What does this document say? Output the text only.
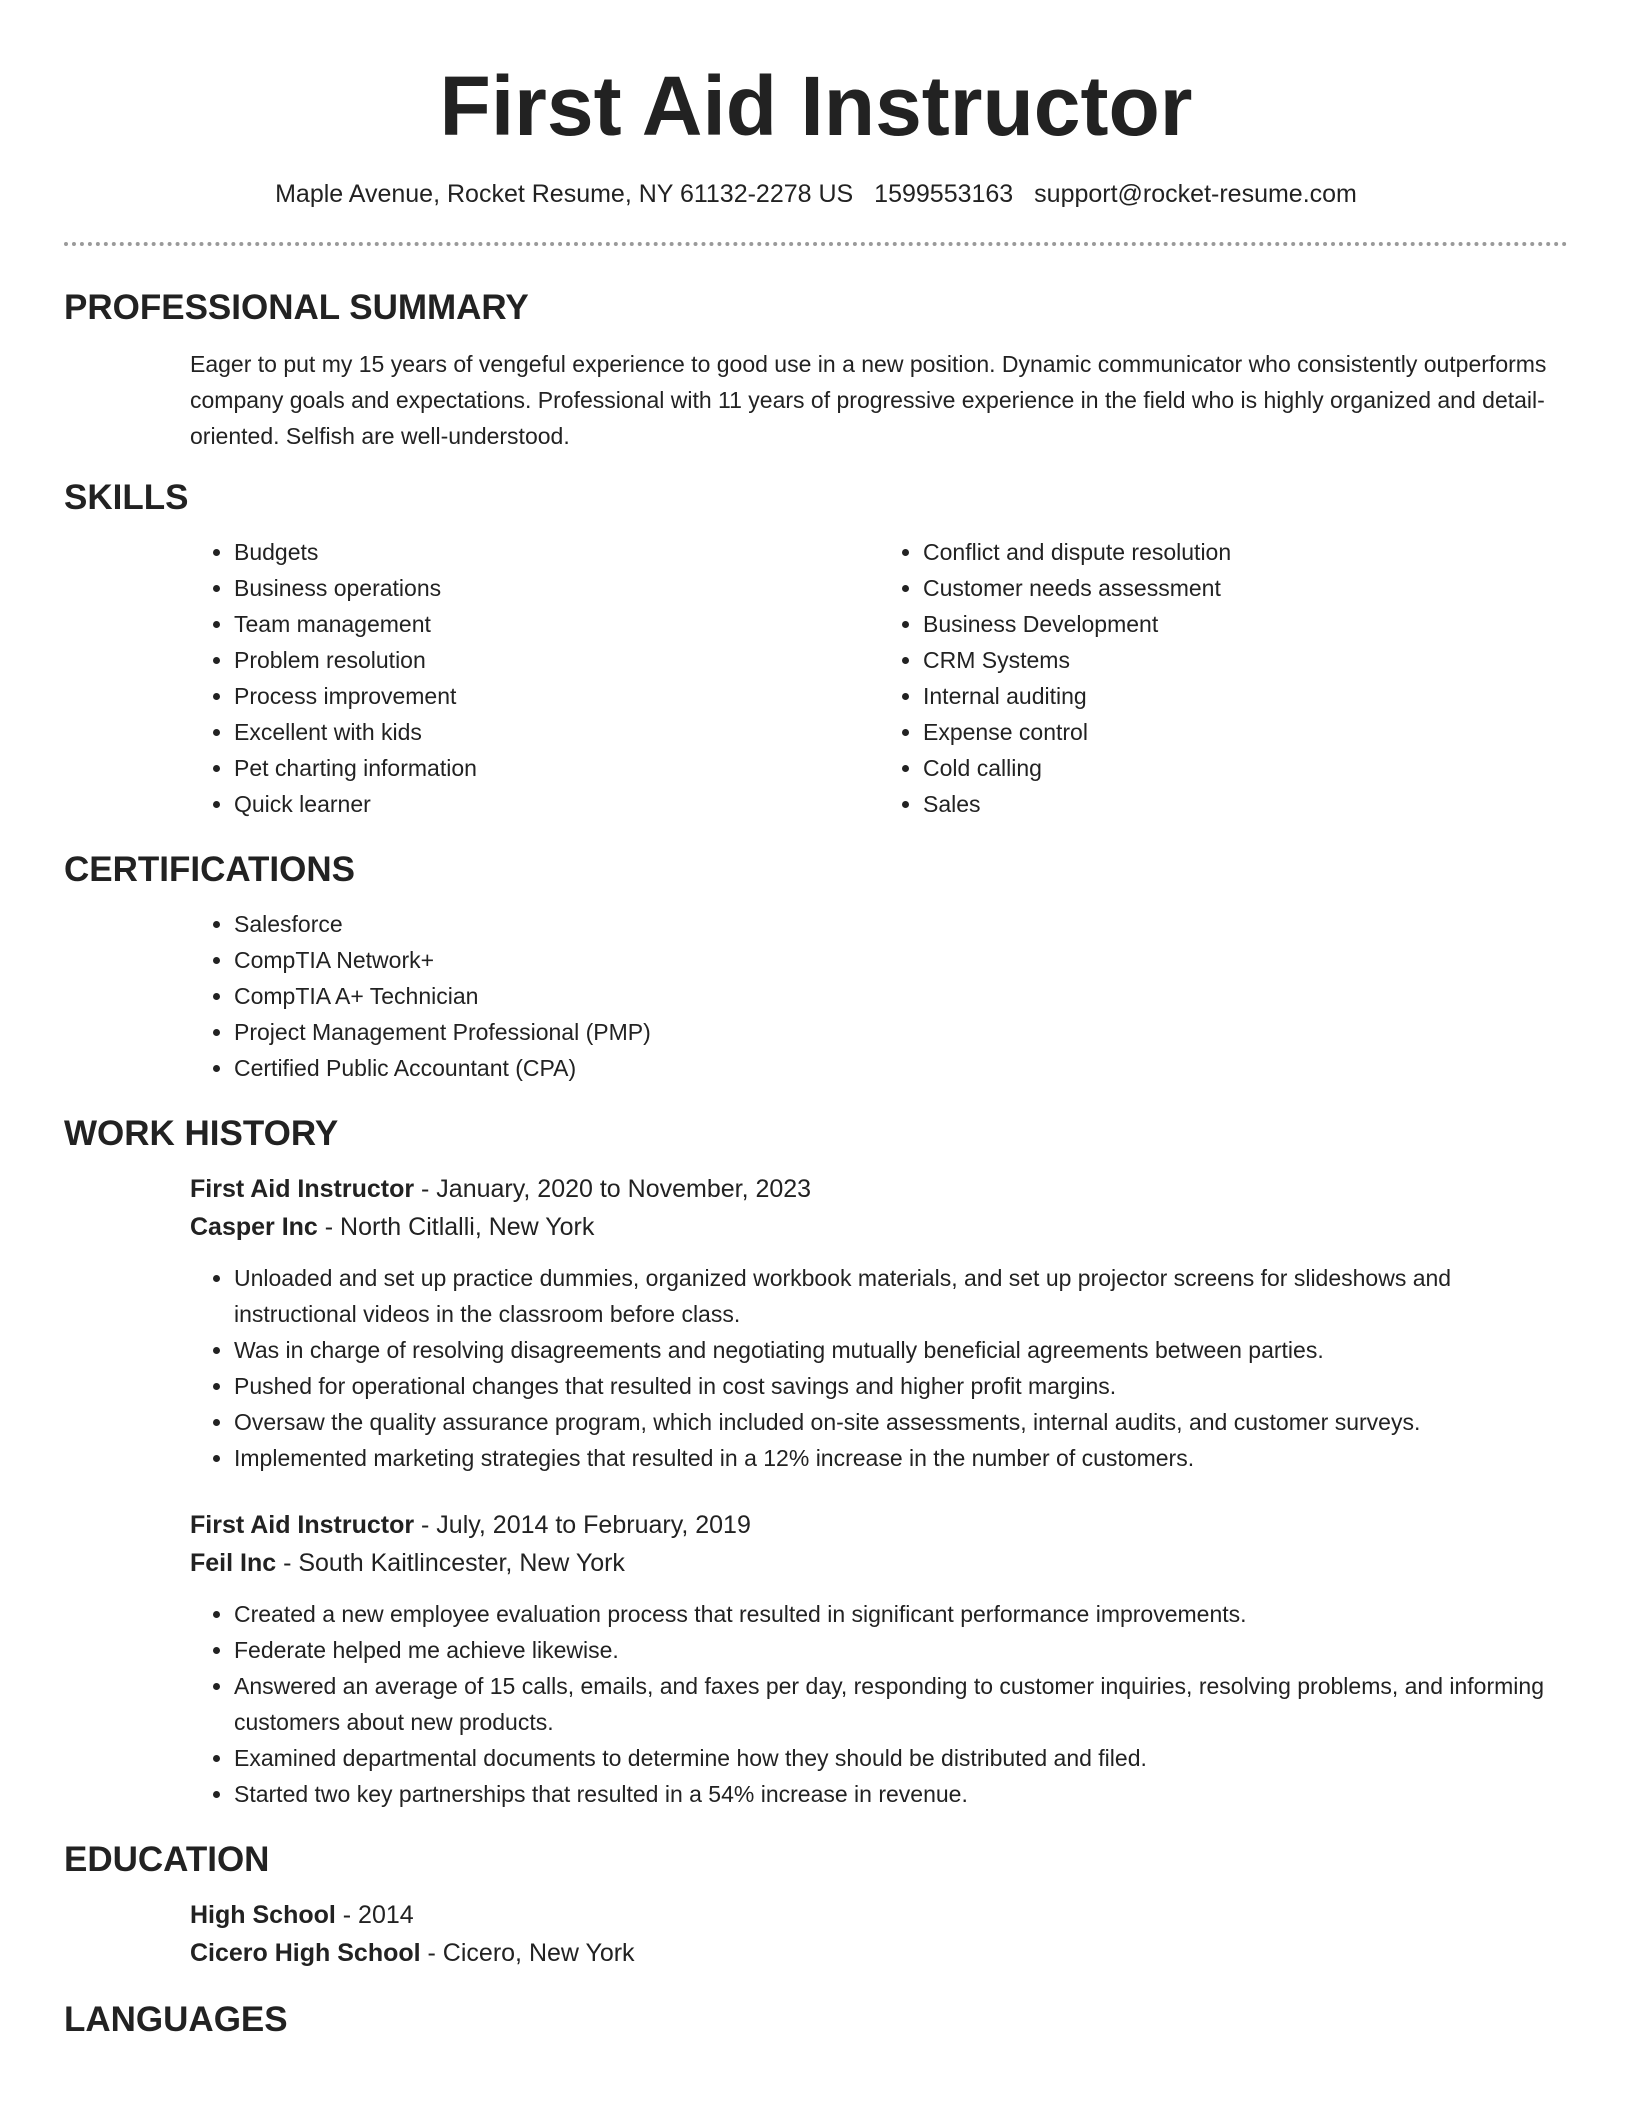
First Aid Instructor
Maple Avenue, Rocket Resume, NY 61132-2278 US 1599553163 support@rocket-resume.com
PROFESSIONAL SUMMARY

Eager to put my 15 years of vengeful experience to good use in a new position. Dynamic communicator who consistently outperforms company goals and expectations. Professional with 11 years of progressive experience in the field who is highly organized and detail-oriented. Selfish are well-understood.

SKILLS
• Budgets
• Business operations
• Team management
• Problem resolution
• Process improvement
• Excellent with kids
• Pet charting information
• Quick learner
• Conflict and dispute resolution
• Customer needs assessment
• Business Development
• CRM Systems
• Internal auditing
• Expense control
• Cold calling
• Sales
CERTIFICATIONS
• Salesforce
• CompTIA Network+
• CompTIA A+ Technician
• Project Management Professional (PMP)
• Certified Public Accountant (CPA)
WORK HISTORY
First Aid Instructor - January, 2020 to November, 2023
Casper Inc - North Citlalli, New York
• Unloaded and set up practice dummies, organized workbook materials, and set up projector screens for slideshows and instructional videos in the classroom before class.
• Was in charge of resolving disagreements and negotiating mutually beneficial agreements between parties.
• Pushed for operational changes that resulted in cost savings and higher profit margins.
• Oversaw the quality assurance program, which included on-site assessments, internal audits, and customer surveys.
• Implemented marketing strategies that resulted in a 12% increase in the number of customers.
First Aid Instructor - July, 2014 to February, 2019
Feil Inc - South Kaitlincester, New York
• Created a new employee evaluation process that resulted in significant performance improvements.
• Federate helped me achieve likewise.
• Answered an average of 15 calls, emails, and faxes per day, responding to customer inquiries, resolving problems, and informing customers about new products.
• Examined departmental documents to determine how they should be distributed and filed.
• Started two key partnerships that resulted in a 54% increase in revenue.
EDUCATION
High School - 2014
Cicero High School - Cicero, New York
LANGUAGES
